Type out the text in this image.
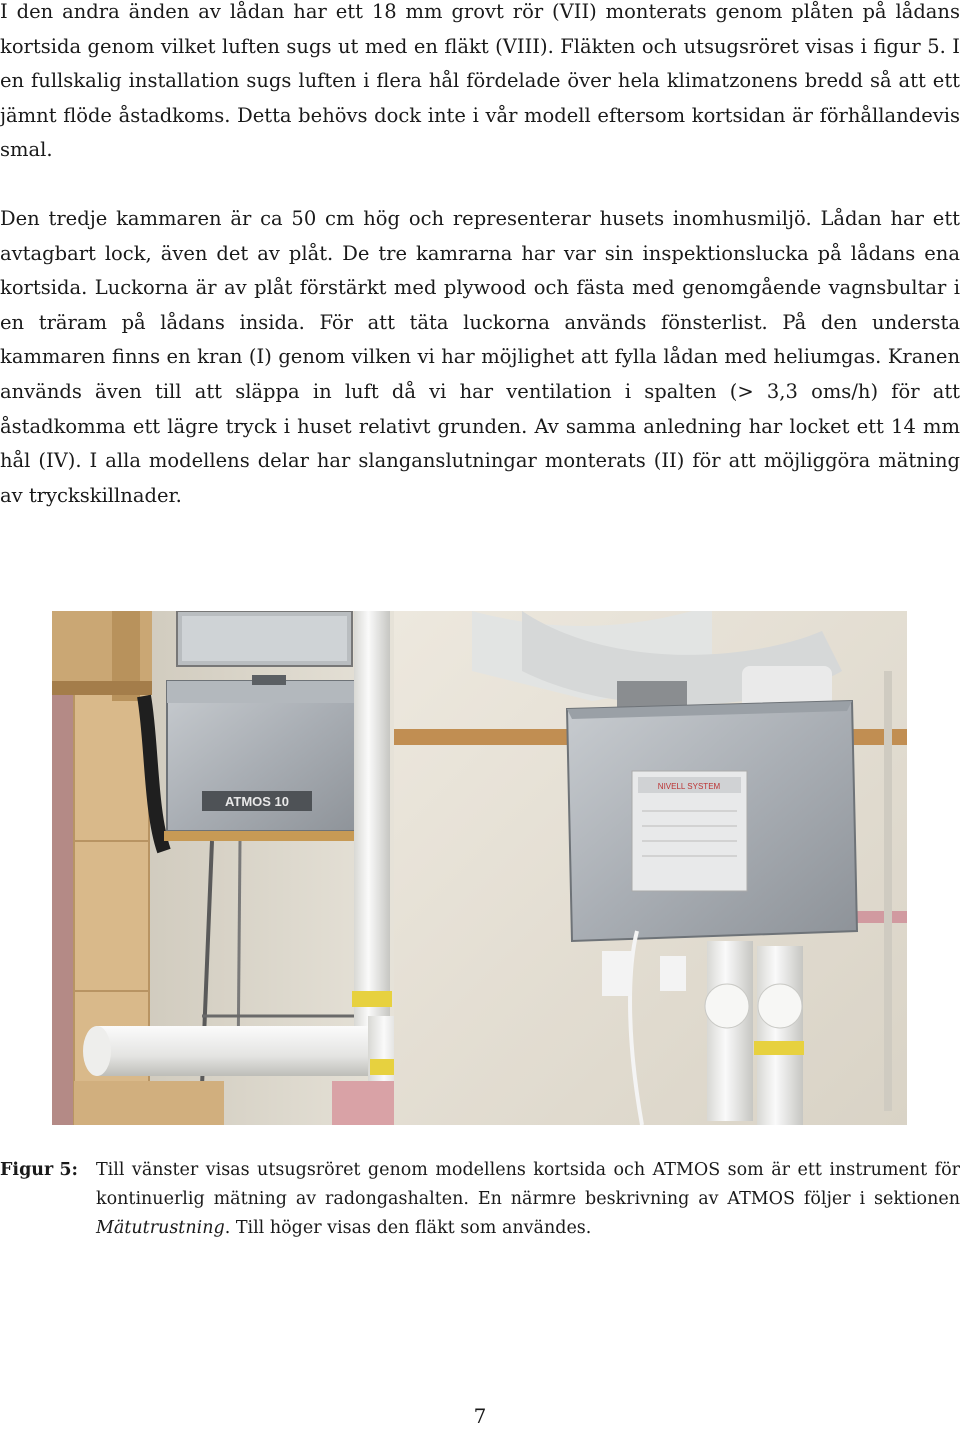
I den andra änden av lådan har ett 18 mm grovt rör (VII) monterats genom plåten på lådans kortsida genom vilket luften sugs ut med en fläkt (VIII). Fläkten och utsugsröret visas i figur 5. I en fullskalig installation sugs luften i flera hål fördelade över hela klimatzonens bredd så att ett jämnt flöde åstadkoms. Detta behövs dock inte i vår modell eftersom kortsidan är förhållandevis smal.

Den tredje kammaren är ca 50 cm hög och representerar husets inomhusmiljö. Lådan har ett avtagbart lock, även det av plåt. De tre kamrarna har var sin inspektionslucka på lådans ena kortsida. Luckorna är av plåt förstärkt med plywood och fästa med genomgående vagnsbultar i en träram på lådans insida. För att täta luckorna används fönsterlist. På den understa kammaren finns en kran (I) genom vilken vi har möjlighet att fylla lådan med heliumgas. Kranen används även till att släppa in luft då vi har ventilation i spalten (> 3,3 oms/h) för att åstadkomma ett lägre tryck i huset relativt grunden. Av samma anledning har locket ett 14 mm hål (IV). I alla modellens delar har slanganslutningar monterats (II) för att möjliggöra mätning av tryckskillnader.

ATMOS 10
NIVELL SYSTEM
Figur 5: Till vänster visas utsugsröret genom modellens kortsida och ATMOS som är ett instrument för kontinuerlig mätning av radongashalten. En närmre beskrivning av ATMOS följer i sektionen Mätutrustning. Till höger visas den fläkt som användes.
7
